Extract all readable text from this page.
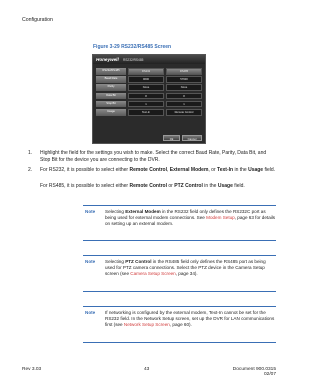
Configuration
Figure 3-29 RS232/RS485 Screen
Honeywell RS232/RS485
RS232/RS485	RS232	RS485
Baud Rate	9600	57600
Parity	None	None
Data Bit	8	8
Stop Bit	1	1
Usage	Text-In	Remote Control
Ok	Cancel
1. Highlight the field for the settings you wish to make. Select the correct Baud Rate, Parity, Data Bit, and Stop Bit for the device you are connecting to the DVR.
2. For RS232, it is possible to select either Remote Control, External Modem, or Text-In in the Usage field.
For RS485, it is possible to select either Remote Control or PTZ Control in the Usage field.
Note Selecting External Modem in the RS232 field only defines the RS232C port as being used for external modem connections. See Modem Setup, page 63 for details on setting up an external modem.
Note Selecting PTZ Control in the RS485 field only defines the RS485 port as being used for PTZ camera connections. Select the PTZ device in the Camera Setup screen (see Camera Setup Screen, page 34).
Note If networking is configured by the external modem, Text-In cannot be set for the RS232 field. In the Network Setup screen, set up the DVR for LAN communications first (see Network Setup Screen, page 60).
Rev 3.03	43	Document 900.0315
02/07
